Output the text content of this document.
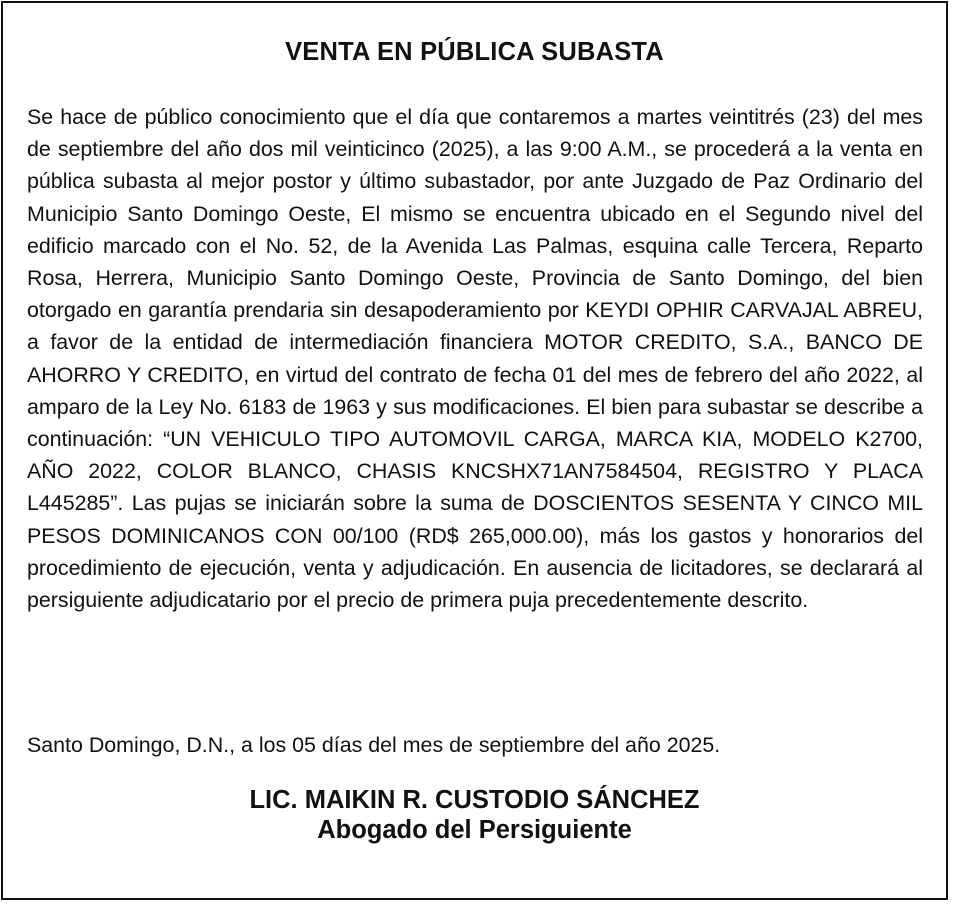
VENTA EN PÚBLICA SUBASTA

Se hace de público conocimiento que el día que contaremos a martes veintitrés (23) del mes de septiembre del año dos mil veinticinco (2025), a las 9:00 A.M., se procederá a la venta en pública subasta al mejor postor y último subastador, por ante Juzgado de Paz Ordinario del Municipio Santo Domingo Oeste, El mismo se encuentra ubicado en el Segundo nivel del edificio marcado con el No. 52, de la Avenida Las Palmas, esquina calle Tercera, Reparto Rosa, Herrera, Municipio Santo Domingo Oeste, Provincia de Santo Domingo, del bien otorgado en garantía prendaria sin desapoderamiento por KEYDI OPHIR CARVAJAL ABREU, a favor de la entidad de intermediación financiera MOTOR CREDITO, S.A., BANCO DE AHORRO Y CREDITO, en virtud del contrato de fecha 01 del mes de febrero del año 2022, al amparo de la Ley No. 6183 de 1963 y sus modificaciones. El bien para subastar se describe a continuación: “UN VEHICULO TIPO AUTOMOVIL CARGA, MARCA KIA, MODELO K2700, AÑO 2022, COLOR BLANCO, CHASIS KNCSHX71AN7584504, REGISTRO Y PLACA L445285”. Las pujas se iniciarán sobre la suma de DOSCIENTOS SESENTA Y CINCO MIL PESOS DOMINICANOS CON 00/100 (RD$ 265,000.00), más los gastos y honorarios del procedimiento de ejecución, venta y adjudicación. En ausencia de licitadores, se declarará al persiguiente adjudicatario por el precio de primera puja precedentemente descrito.

Santo Domingo, D.N., a los 05 días del mes de septiembre del año 2025.

LIC. MAIKIN R. CUSTODIO SÁNCHEZ
Abogado del Persiguiente
